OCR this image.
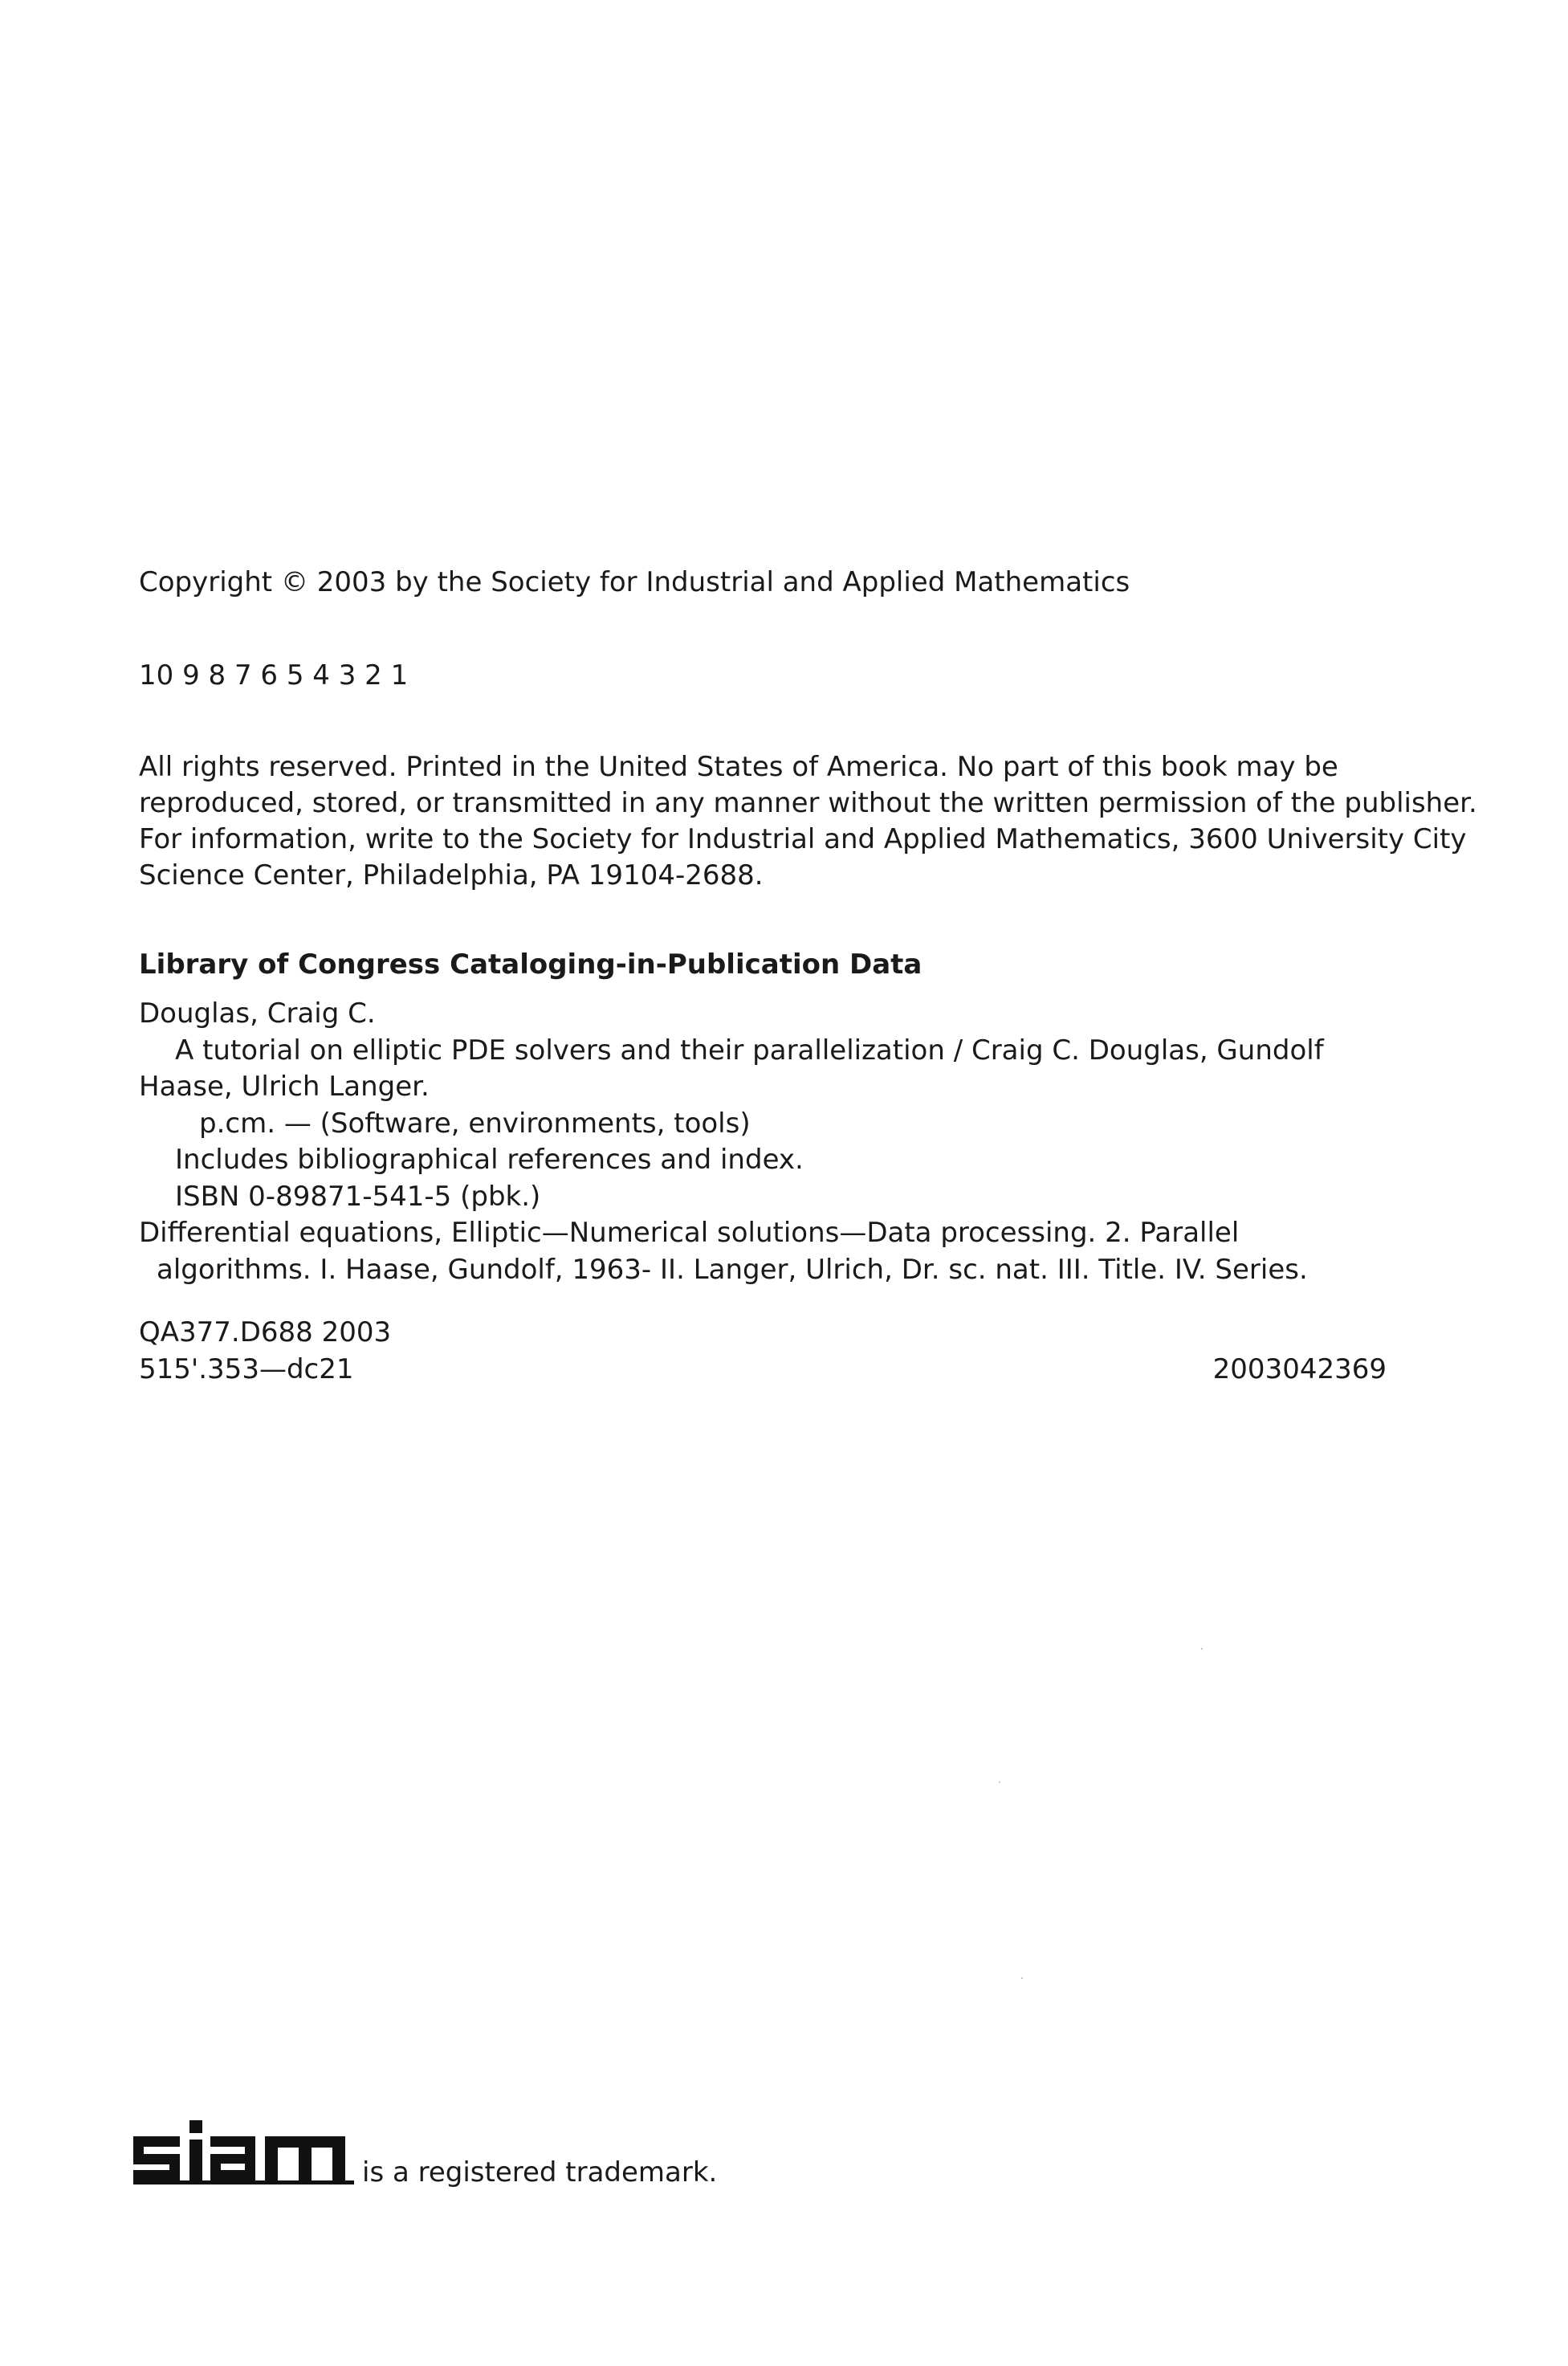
Copyright © 2003 by the Society for Industrial and Applied Mathematics
10 9 8 7 6 5 4 3 2 1
All rights reserved. Printed in the United States of America. No part of this book may be
reproduced, stored, or transmitted in any manner without the written permission of the publisher.
For information, write to the Society for Industrial and Applied Mathematics, 3600 University City
Science Center, Philadelphia, PA 19104-2688.
Library of Congress Cataloging-in-Publication Data
Douglas, Craig C.
A tutorial on elliptic PDE solvers and their parallelization / Craig C. Douglas, Gundolf
Haase, Ulrich Langer.
p.cm. — (Software, environments, tools)
Includes bibliographical references and index.
ISBN 0-89871-541-5 (pbk.)
Differential equations, Elliptic—Numerical solutions—Data processing. 2. Parallel
algorithms. I. Haase, Gundolf, 1963- II. Langer, Ulrich, Dr. sc. nat. III. Title. IV. Series.
QA377.D688 2003
515'.353—dc21	2003042369
is a registered trademark.
